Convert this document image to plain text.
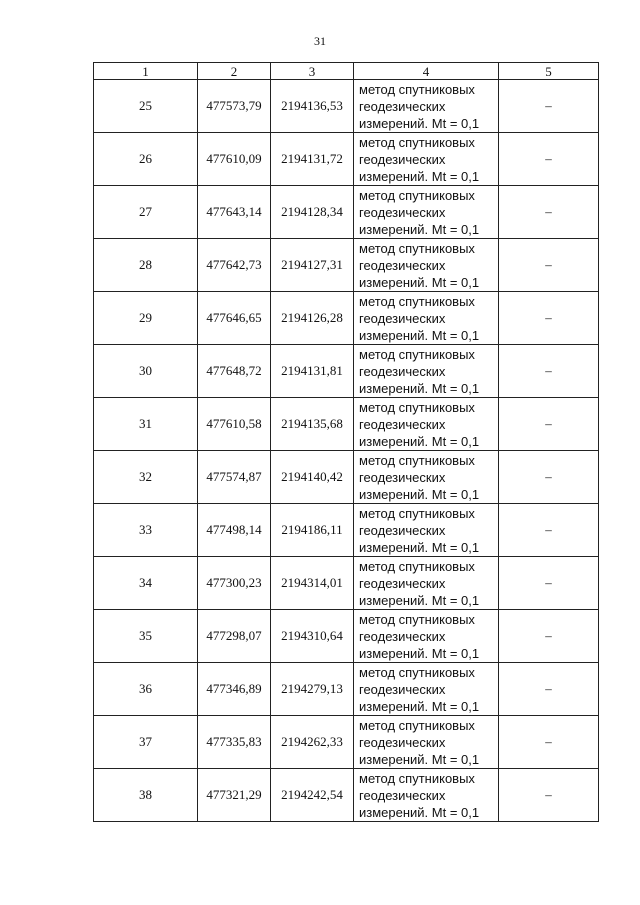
31
1	2	3	4	5
25	477573,79	2194136,53	метод спутниковых
геодезических
измерений. Mt = 0,1	–
26	477610,09	2194131,72	метод спутниковых
геодезических
измерений. Mt = 0,1	–
27	477643,14	2194128,34	метод спутниковых
геодезических
измерений. Mt = 0,1	–
28	477642,73	2194127,31	метод спутниковых
геодезических
измерений. Mt = 0,1	–
29	477646,65	2194126,28	метод спутниковых
геодезических
измерений. Mt = 0,1	–
30	477648,72	2194131,81	метод спутниковых
геодезических
измерений. Mt = 0,1	–
31	477610,58	2194135,68	метод спутниковых
геодезических
измерений. Mt = 0,1	–
32	477574,87	2194140,42	метод спутниковых
геодезических
измерений. Mt = 0,1	–
33	477498,14	2194186,11	метод спутниковых
геодезических
измерений. Mt = 0,1	–
34	477300,23	2194314,01	метод спутниковых
геодезических
измерений. Mt = 0,1	–
35	477298,07	2194310,64	метод спутниковых
геодезических
измерений. Mt = 0,1	–
36	477346,89	2194279,13	метод спутниковых
геодезических
измерений. Mt = 0,1	–
37	477335,83	2194262,33	метод спутниковых
геодезических
измерений. Mt = 0,1	–
38	477321,29	2194242,54	метод спутниковых
геодезических
измерений. Mt = 0,1	–
